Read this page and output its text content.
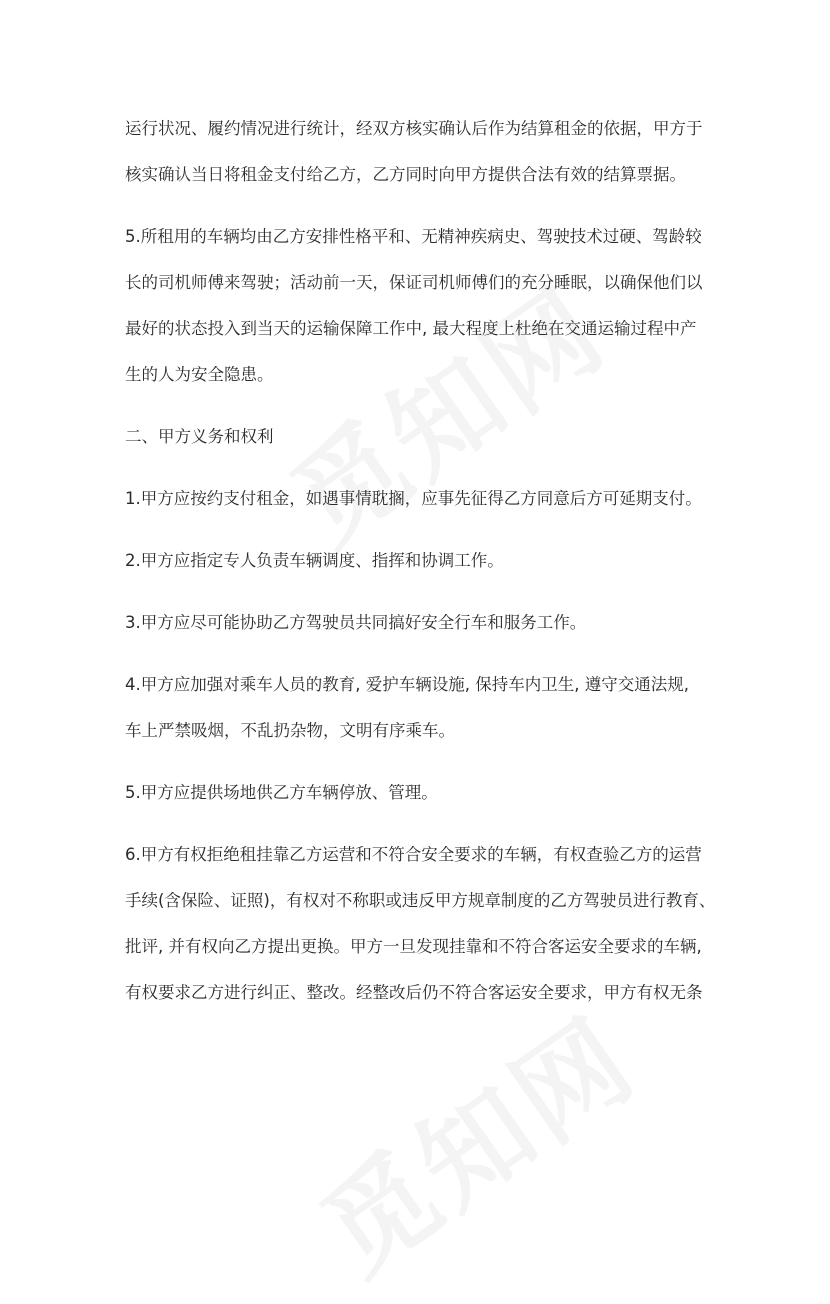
运行状况、履约情况进行统计，经双方核实确认后作为结算租金的依据，甲方于
核实确认当日将租金支付给乙方，乙方同时向甲方提供合法有效的结算票据。

5.所租用的车辆均由乙方安排性格平和、无精神疾病史、驾驶技术过硬、驾龄较
长的司机师傅来驾驶；活动前一天，保证司机师傅们的充分睡眠，以确保他们以
最好的状态投入到当天的运输保障工作中, 最大程度上杜绝在交通运输过程中产
生的人为安全隐患。

二、甲方义务和权利

1.甲方应按约支付租金，如遇事情耽搁，应事先征得乙方同意后方可延期支付。

2.甲方应指定专人负责车辆调度、指挥和协调工作。

3.甲方应尽可能协助乙方驾驶员共同搞好安全行车和服务工作。

4.甲方应加强对乘车人员的教育, 爱护车辆设施, 保持车内卫生, 遵守交通法规,
车上严禁吸烟，不乱扔杂物，文明有序乘车。

5.甲方应提供场地供乙方车辆停放、管理。

6.甲方有权拒绝租挂靠乙方运营和不符合安全要求的车辆，有权查验乙方的运营
手续(含保险、证照)，有权对不称职或违反甲方规章制度的乙方驾驶员进行教育、
批评, 并有权向乙方提出更换。甲方一旦发现挂靠和不符合客运安全要求的车辆,
有权要求乙方进行纠正、整改。经整改后仍不符合客运安全要求，甲方有权无条
